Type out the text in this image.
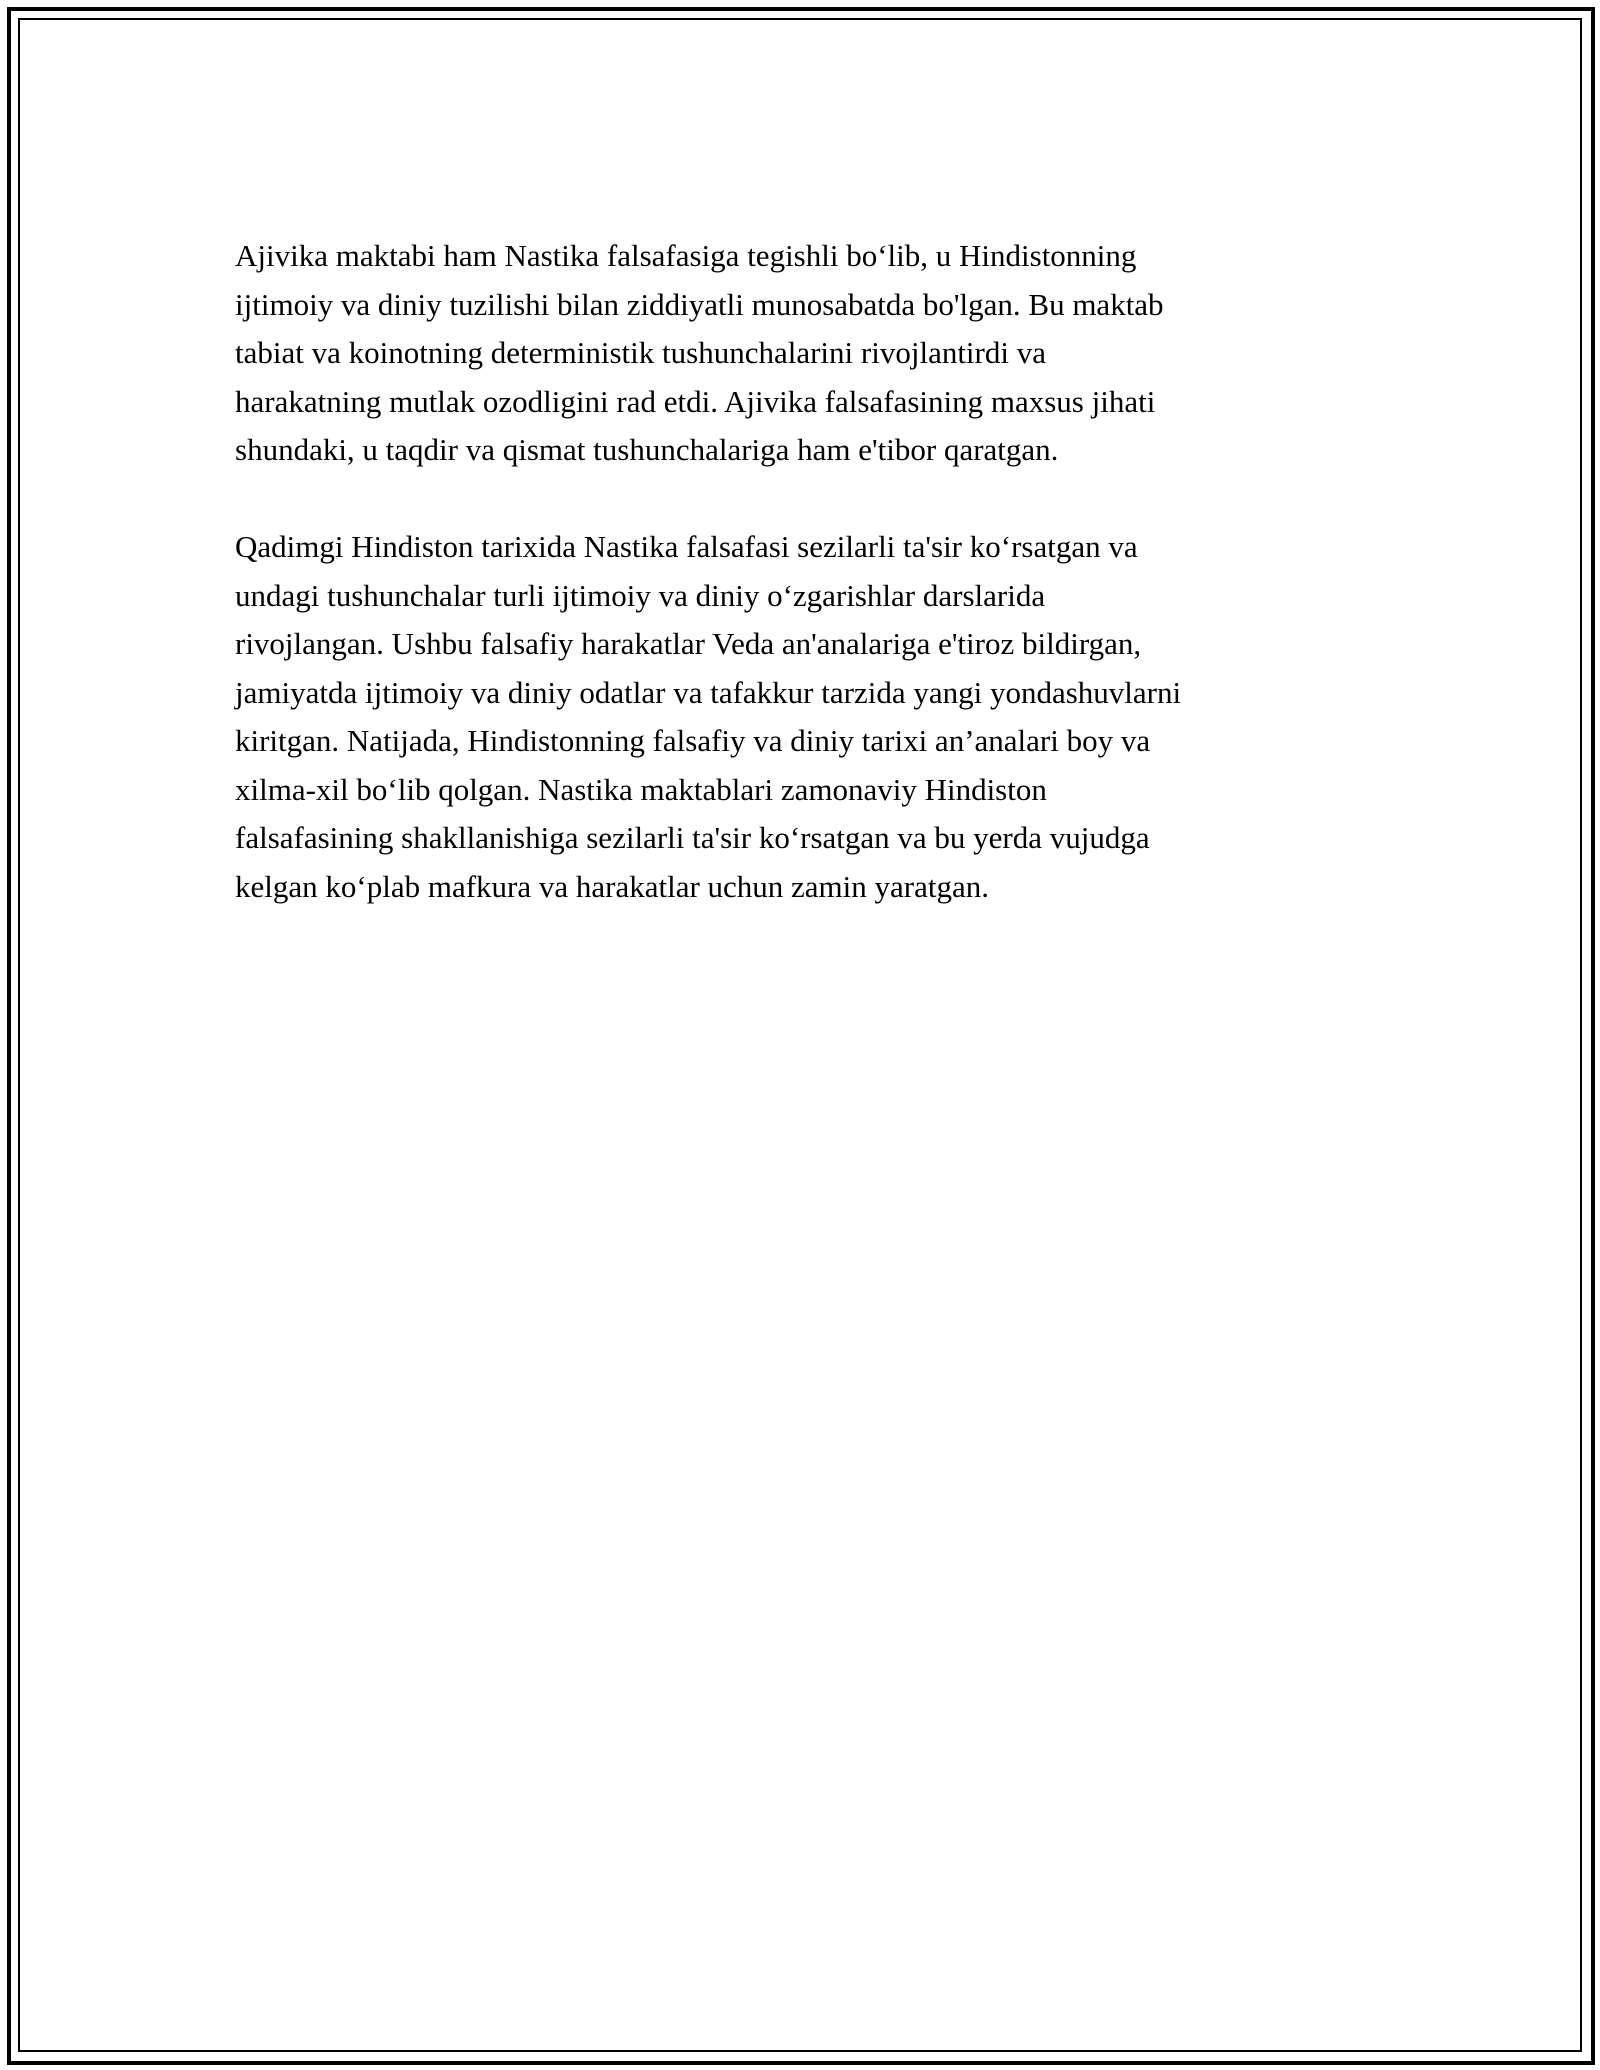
Ajivika maktabi ham Nastika falsafasiga tegishli bo‘lib, u Hindistonning
ijtimoiy va diniy tuzilishi bilan ziddiyatli munosabatda bo'lgan. Bu maktab
tabiat va koinotning deterministik tushunchalarini rivojlantirdi va
harakatning mutlak ozodligini rad etdi. Ajivika falsafasining maxsus jihati
shundaki, u taqdir va qismat tushunchalariga ham e'tibor qaratgan.

Qadimgi Hindiston tarixida Nastika falsafasi sezilarli ta'sir ko‘rsatgan va
undagi tushunchalar turli ijtimoiy va diniy o‘zgarishlar darslarida
rivojlangan. Ushbu falsafiy harakatlar Veda an'analariga e'tiroz bildirgan,
jamiyatda ijtimoiy va diniy odatlar va tafakkur tarzida yangi yondashuvlarni
kiritgan. Natijada, Hindistonning falsafiy va diniy tarixi an’analari boy va
xilma-xil bo‘lib qolgan. Nastika maktablari zamonaviy Hindiston
falsafasining shakllanishiga sezilarli ta'sir ko‘rsatgan va bu yerda vujudga
kelgan ko‘plab mafkura va harakatlar uchun zamin yaratgan.
